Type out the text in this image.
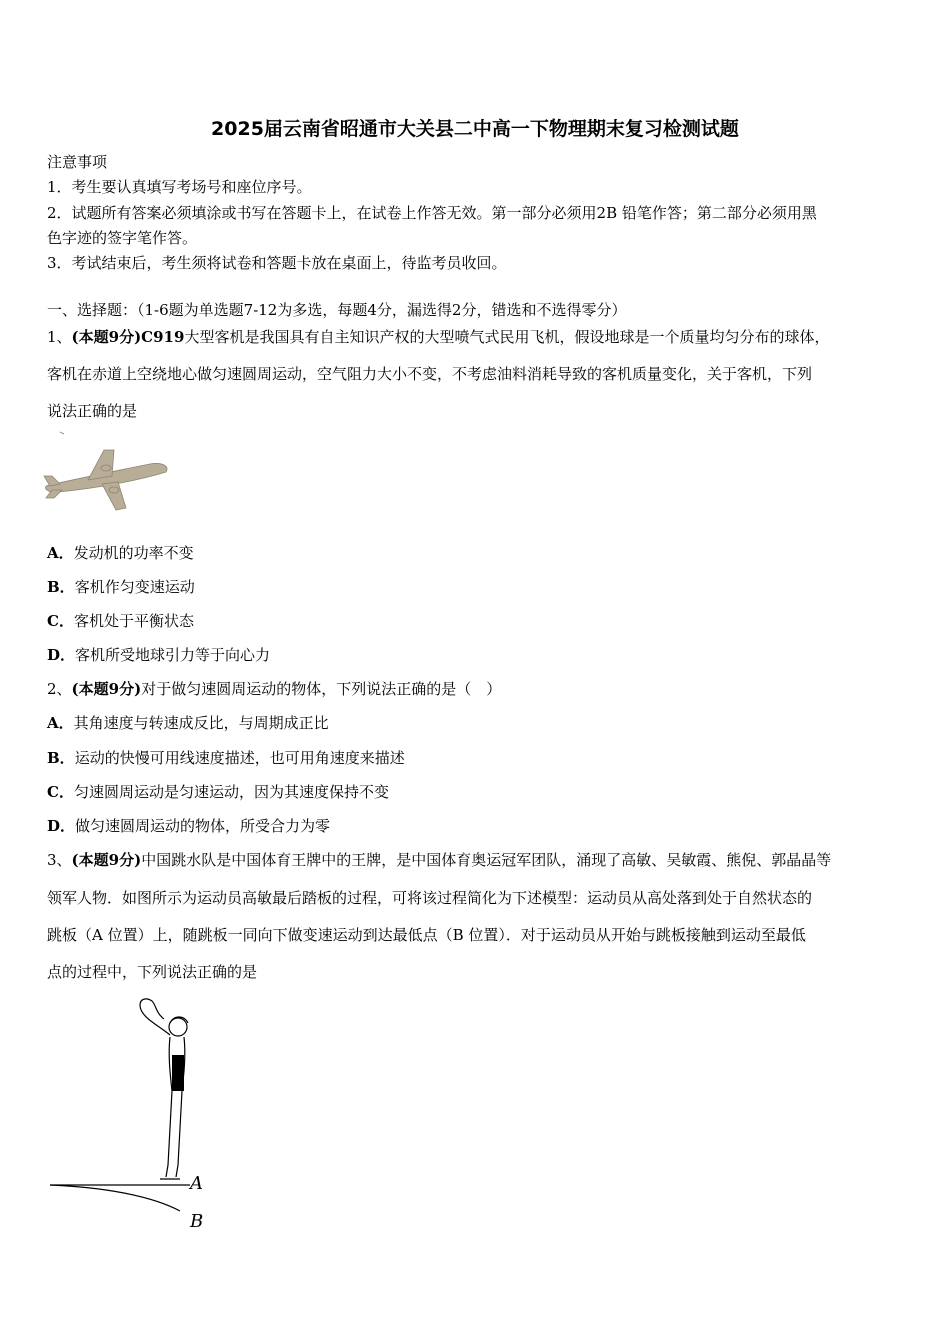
2025届云南省昭通市大关县二中高一下物理期末复习检测试题
注意事项
1．考生要认真填写考场号和座位序号。
2．试题所有答案必须填涂或书写在答题卡上，在试卷上作答无效。第一部分必须用2B 铅笔作答；第二部分必须用黑
色字迹的签字笔作答。
3．考试结束后，考生须将试卷和答题卡放在桌面上，待监考员收回。
一、选择题：（1-6题为单选题7-12为多选，每题4分，漏选得2分，错选和不选得零分）
1、(本题9分)C919大型客机是我国具有自主知识产权的大型喷气式民用飞机，假设地球是一个质量均匀分布的球体，
客机在赤道上空绕地心做匀速圆周运动，空气阻力大小不变，不考虑油料消耗导致的客机质量变化，关于客机，下列
说法正确的是
A．发动机的功率不变
B．客机作匀变速运动
C．客机处于平衡状态
D．客机所受地球引力等于向心力
2、(本题9分)对于做匀速圆周运动的物体，下列说法正确的是（　）
A．其角速度与转速成反比，与周期成正比
B．运动的快慢可用线速度描述，也可用角速度来描述
C．匀速圆周运动是匀速运动，因为其速度保持不变
D．做匀速圆周运动的物体，所受合力为零
3、(本题9分)中国跳水队是中国体育王牌中的王牌，是中国体育奥运冠军团队，涌现了高敏、吴敏霞、熊倪、郭晶晶等
领军人物．如图所示为运动员高敏最后踏板的过程，可将该过程简化为下述模型：运动员从高处落到处于自然状态的
跳板（A 位置）上，随跳板一同向下做变速运动到达最低点（B 位置）．对于运动员从开始与跳板接触到运动至最低
点的过程中，下列说法正确的是
A
B
